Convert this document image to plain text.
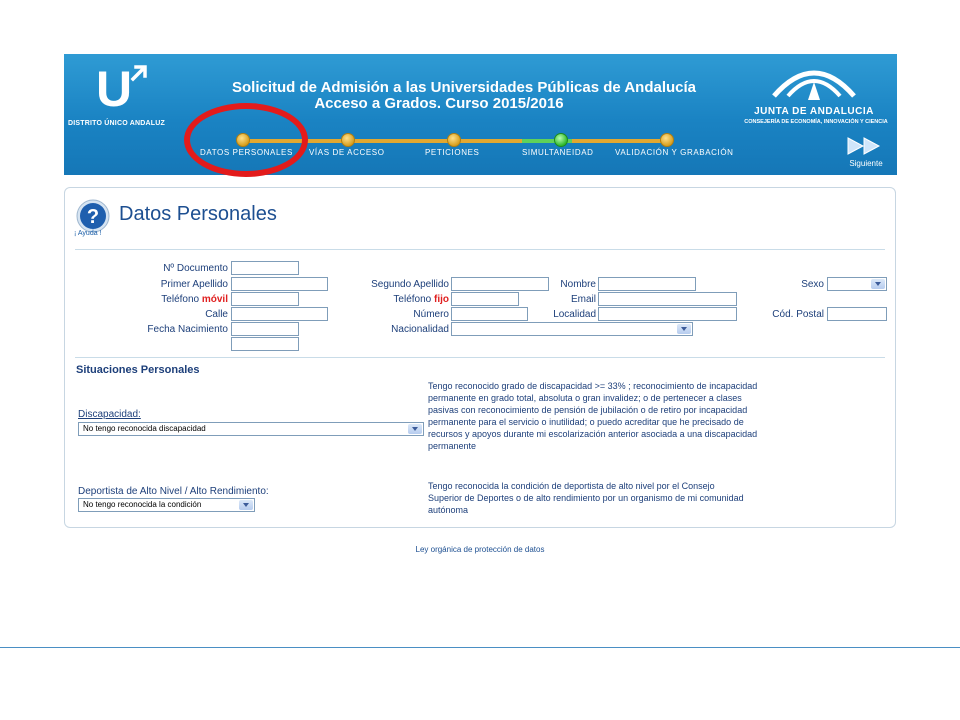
U
DISTRITO ÚNICO ANDALUZ
Solicitud de Admisión a las Universidades Públicas de Andalucía
Acceso a Grados. Curso 2015/2016	JUNTA DE ANDALUCIA
CONSEJERÍA DE ECONOMÍA, INNOVACIÓN Y CIENCIA
DATOS PERSONALES VÍAS DE ACCESO	PETICIONES	SIMULTANEIDAD	VALIDACIÓN Y GRABACIÓN
Siguiente
?
¡ Ayuda !
Datos Personales
Nº Documento
Primer Apellido	Segundo Apellido	Nombre	Sexo
Teléfono móvil	Teléfono fijo	Email
Calle	Número	Localidad	Cód. Postal
Fecha Nacimiento	Nacionalidad
Situaciones Personales
Discapacidad:
No tengo reconocida discapacidad
Tengo reconocido grado de discapacidad >= 33% ; reconocimiento de incapacidad permanente en grado total, absoluta o gran invalidez; o de pertenecer a clases pasivas con reconocimiento de pensión de jubilación o de retiro por incapacidad permanente para el servicio o inutilidad; o puedo acreditar que he precisado de recursos y apoyos durante mi escolarización anterior asociada a una discapacidad permanente
Deportista de Alto Nivel / Alto Rendimiento:
No tengo reconocida la condición
Tengo reconocida la condición de deportista de alto nivel por el Consejo Superior de Deportes o de alto rendimiento por un organismo de mi comunidad autónoma
Ley orgánica de protección de datos
